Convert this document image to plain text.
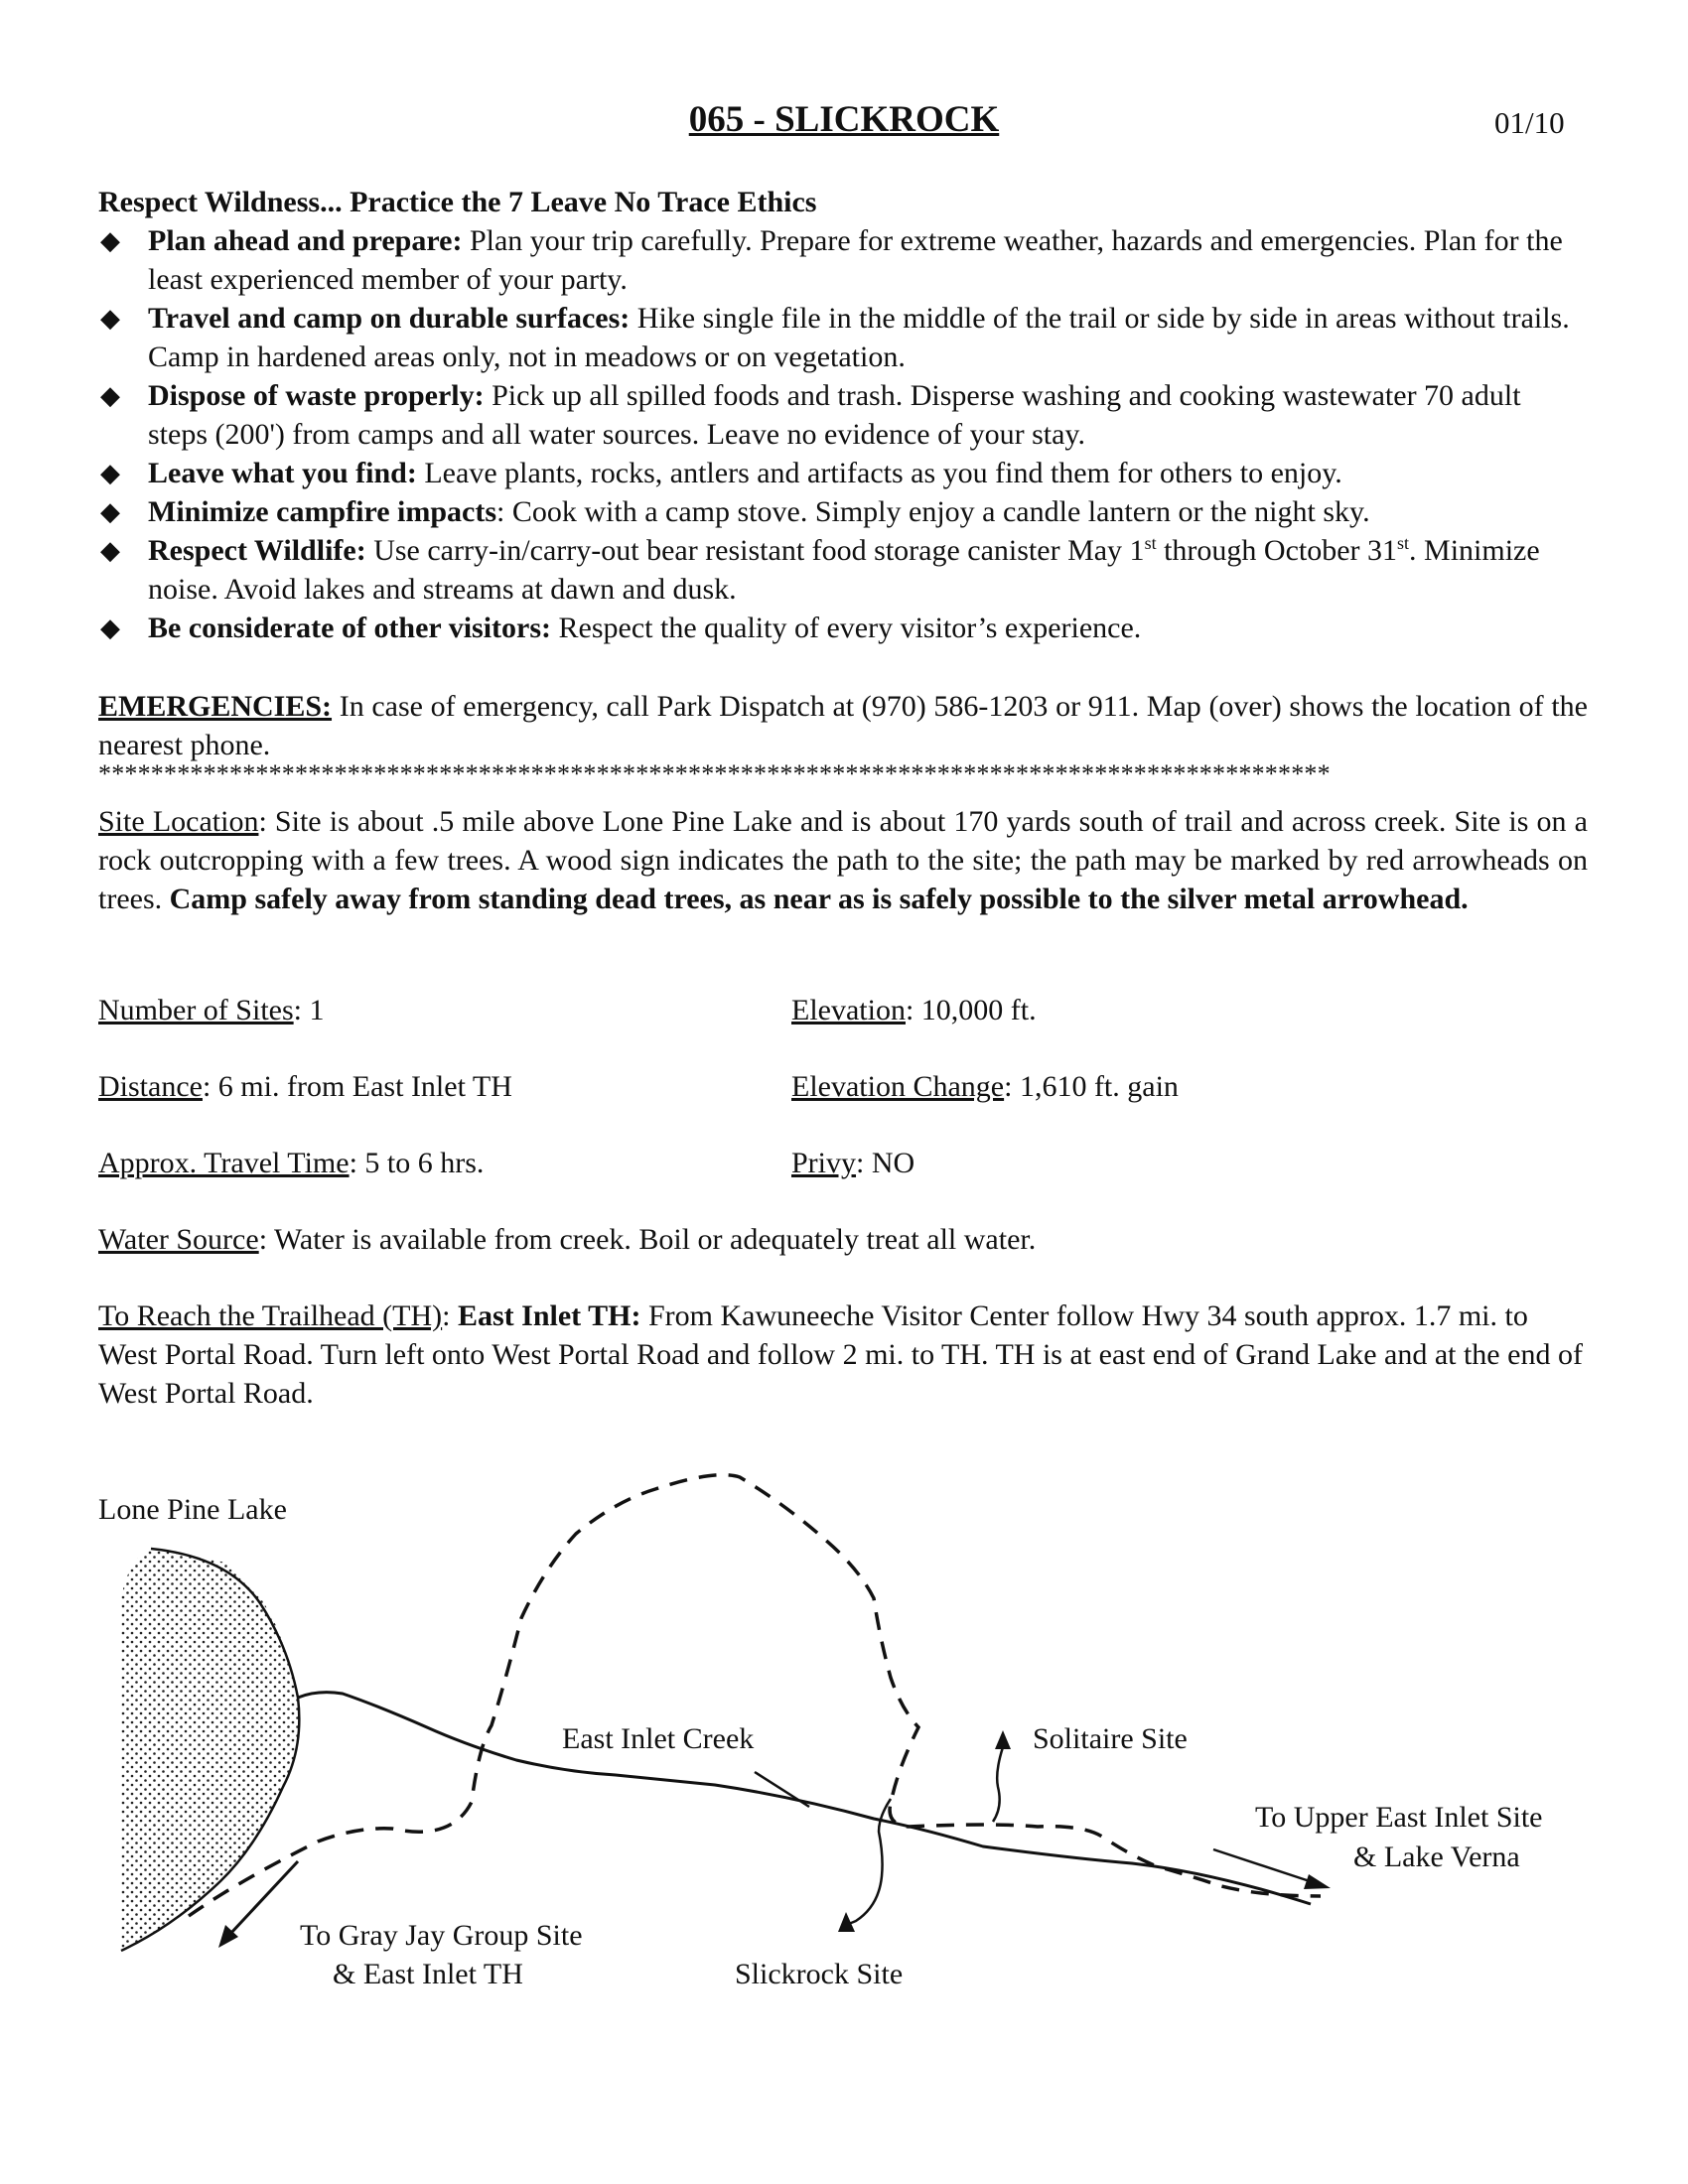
065 - SLICKROCK	01/10
Respect Wildness... Practice the 7 Leave No Trace Ethics
◆ Plan ahead and prepare: Plan your trip carefully. Prepare for extreme weather, hazards and emergencies. Plan for the least experienced member of your party.
◆ Travel and camp on durable surfaces: Hike single file in the middle of the trail or side by side in areas without trails. Camp in hardened areas only, not in meadows or on vegetation.
◆ Dispose of waste properly: Pick up all spilled foods and trash. Disperse washing and cooking wastewater 70 adult steps (200') from camps and all water sources. Leave no evidence of your stay.
◆ Leave what you find: Leave plants, rocks, antlers and artifacts as you find them for others to enjoy.
◆ Minimize campfire impacts: Cook with a camp stove. Simply enjoy a candle lantern or the night sky.
◆ Respect Wildlife: Use carry-in/carry-out bear resistant food storage canister May 1st through October 31st. Minimize noise. Avoid lakes and streams at dawn and dusk.
◆ Be considerate of other visitors: Respect the quality of every visitor’s experience.
EMERGENCIES: In case of emergency, call Park Dispatch at (970) 586-1203 or 911. Map (over) shows the location of the nearest phone.
**********************************************************************************************
Site Location: Site is about .5 mile above Lone Pine Lake and is about 170 yards south of trail and across creek. Site is on a rock outcropping with a few trees. A wood sign indicates the path to the site; the path may be marked by red arrowheads on trees. Camp safely away from standing dead trees, as near as is safely possible to the silver metal arrowhead.
Number of Sites: 1	Elevation: 10,000 ft.
Distance: 6 mi. from East Inlet TH	Elevation Change: 1,610 ft. gain
Approx. Travel Time: 5 to 6 hrs.	Privy: NO
Water Source: Water is available from creek. Boil or adequately treat all water.
To Reach the Trailhead (TH): East Inlet TH: From Kawuneeche Visitor Center follow Hwy 34 south approx. 1.7 mi. to West Portal Road. Turn left onto West Portal Road and follow 2 mi. to TH. TH is at east end of Grand Lake and at the end of West Portal Road.
Lone Pine Lake
East Inlet Creek	Solitaire Site
To Upper East Inlet Site
& Lake Verna
To Gray Jay Group Site
& East Inlet TH	Slickrock Site
